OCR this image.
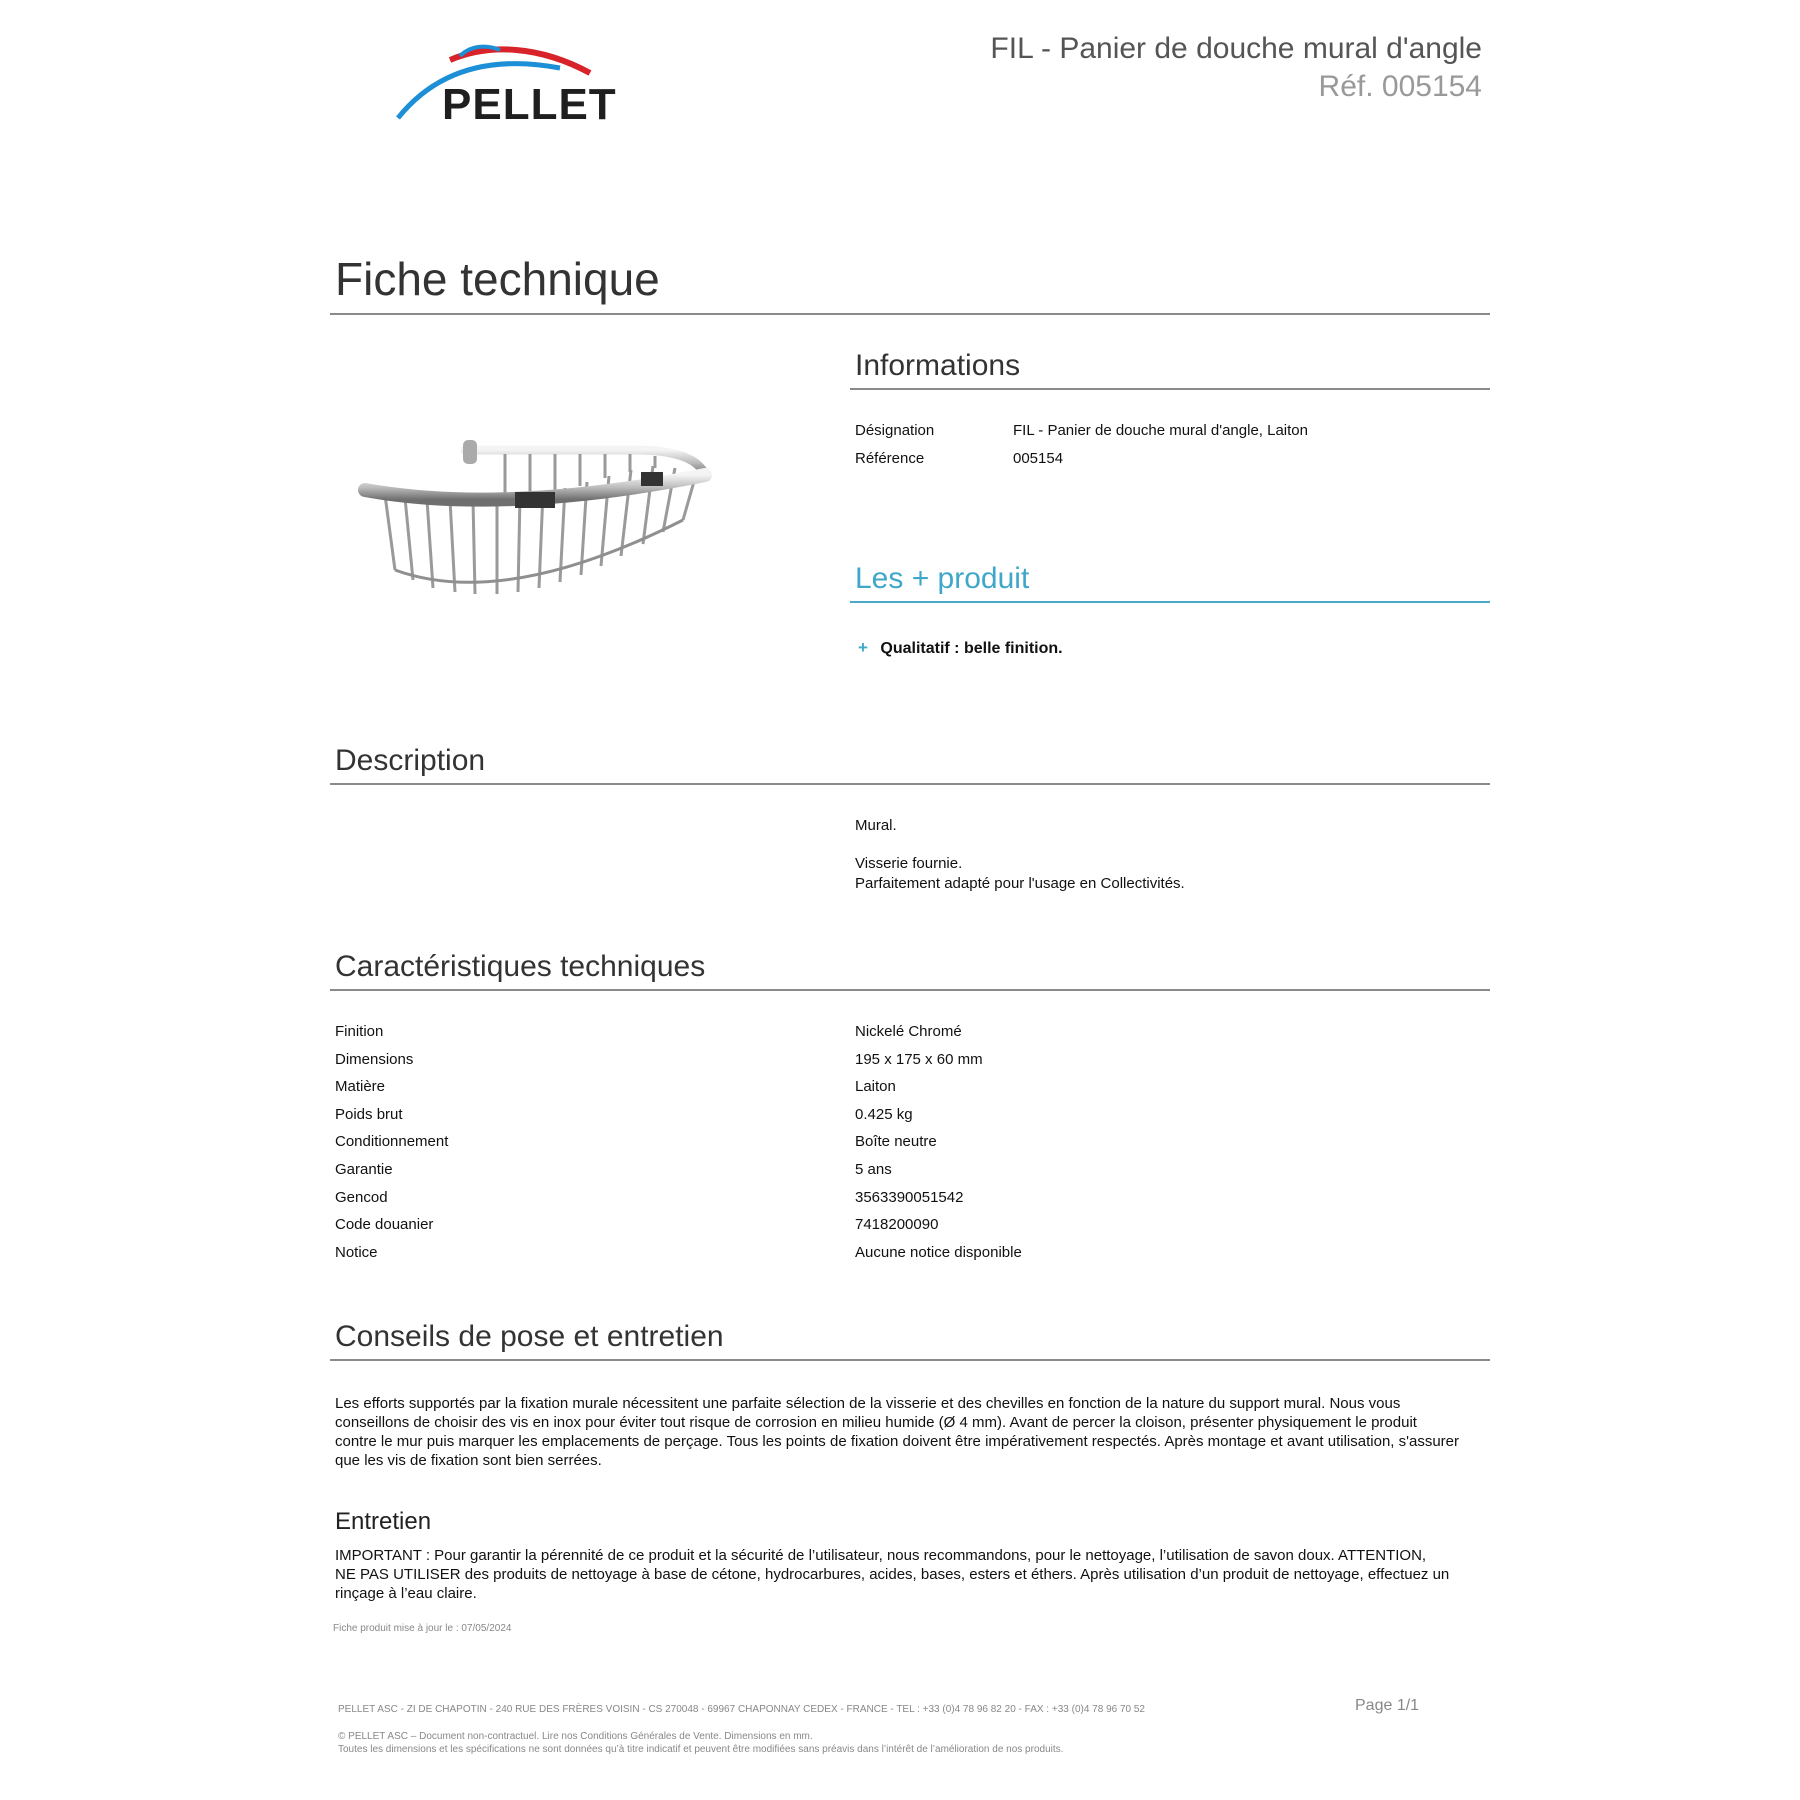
PELLET
FIL - Panier de douche mural d'angle
Réf. 005154
Fiche technique
Informations
Désignation	FIL - Panier de douche mural d'angle, Laiton
Référence	005154
Les + produit
+ Qualitatif : belle finition.
Description
Mural.
Visserie fournie.
Parfaitement adapté pour l'usage en Collectivités.
Caractéristiques techniques
Finition	Nickelé Chromé
Dimensions	195 x 175 x 60 mm
Matière	Laiton
Poids brut	0.425 kg
Conditionnement	Boîte neutre
Garantie	5 ans
Gencod	3563390051542
Code douanier	7418200090
Notice	Aucune notice disponible
Conseils de pose et entretien
Les efforts supportés par la fixation murale nécessitent une parfaite sélection de la visserie et des chevilles en fonction de la nature du support mural. Nous vous
conseillons de choisir des vis en inox pour éviter tout risque de corrosion en milieu humide (Ø 4 mm). Avant de percer la cloison, présenter physiquement le produit
contre le mur puis marquer les emplacements de perçage. Tous les points de fixation doivent être impérativement respectés. Après montage et avant utilisation, s'assurer
que les vis de fixation sont bien serrées.
Entretien
IMPORTANT : Pour garantir la pérennité de ce produit et la sécurité de l’utilisateur, nous recommandons, pour le nettoyage, l’utilisation de savon doux. ATTENTION,
NE PAS UTILISER des produits de nettoyage à base de cétone, hydrocarbures, acides, bases, esters et éthers. Après utilisation d’un produit de nettoyage, effectuez un
rinçage à l’eau claire.
Fiche produit mise à jour le : 07/05/2024
PELLET ASC - ZI DE CHAPOTIN - 240 RUE DES FRÈRES VOISIN - CS 270048 - 69967 CHAPONNAY CEDEX - FRANCE - TEL : +33 (0)4 78 96 82 20 - FAX : +33 (0)4 78 96 70 52	Page 1/1
© PELLET ASC – Document non-contractuel. Lire nos Conditions Générales de Vente. Dimensions en mm.
Toutes les dimensions et les spécifications ne sont données qu’à titre indicatif et peuvent être modifiées sans préavis dans l’intérêt de l’amélioration de nos produits.
